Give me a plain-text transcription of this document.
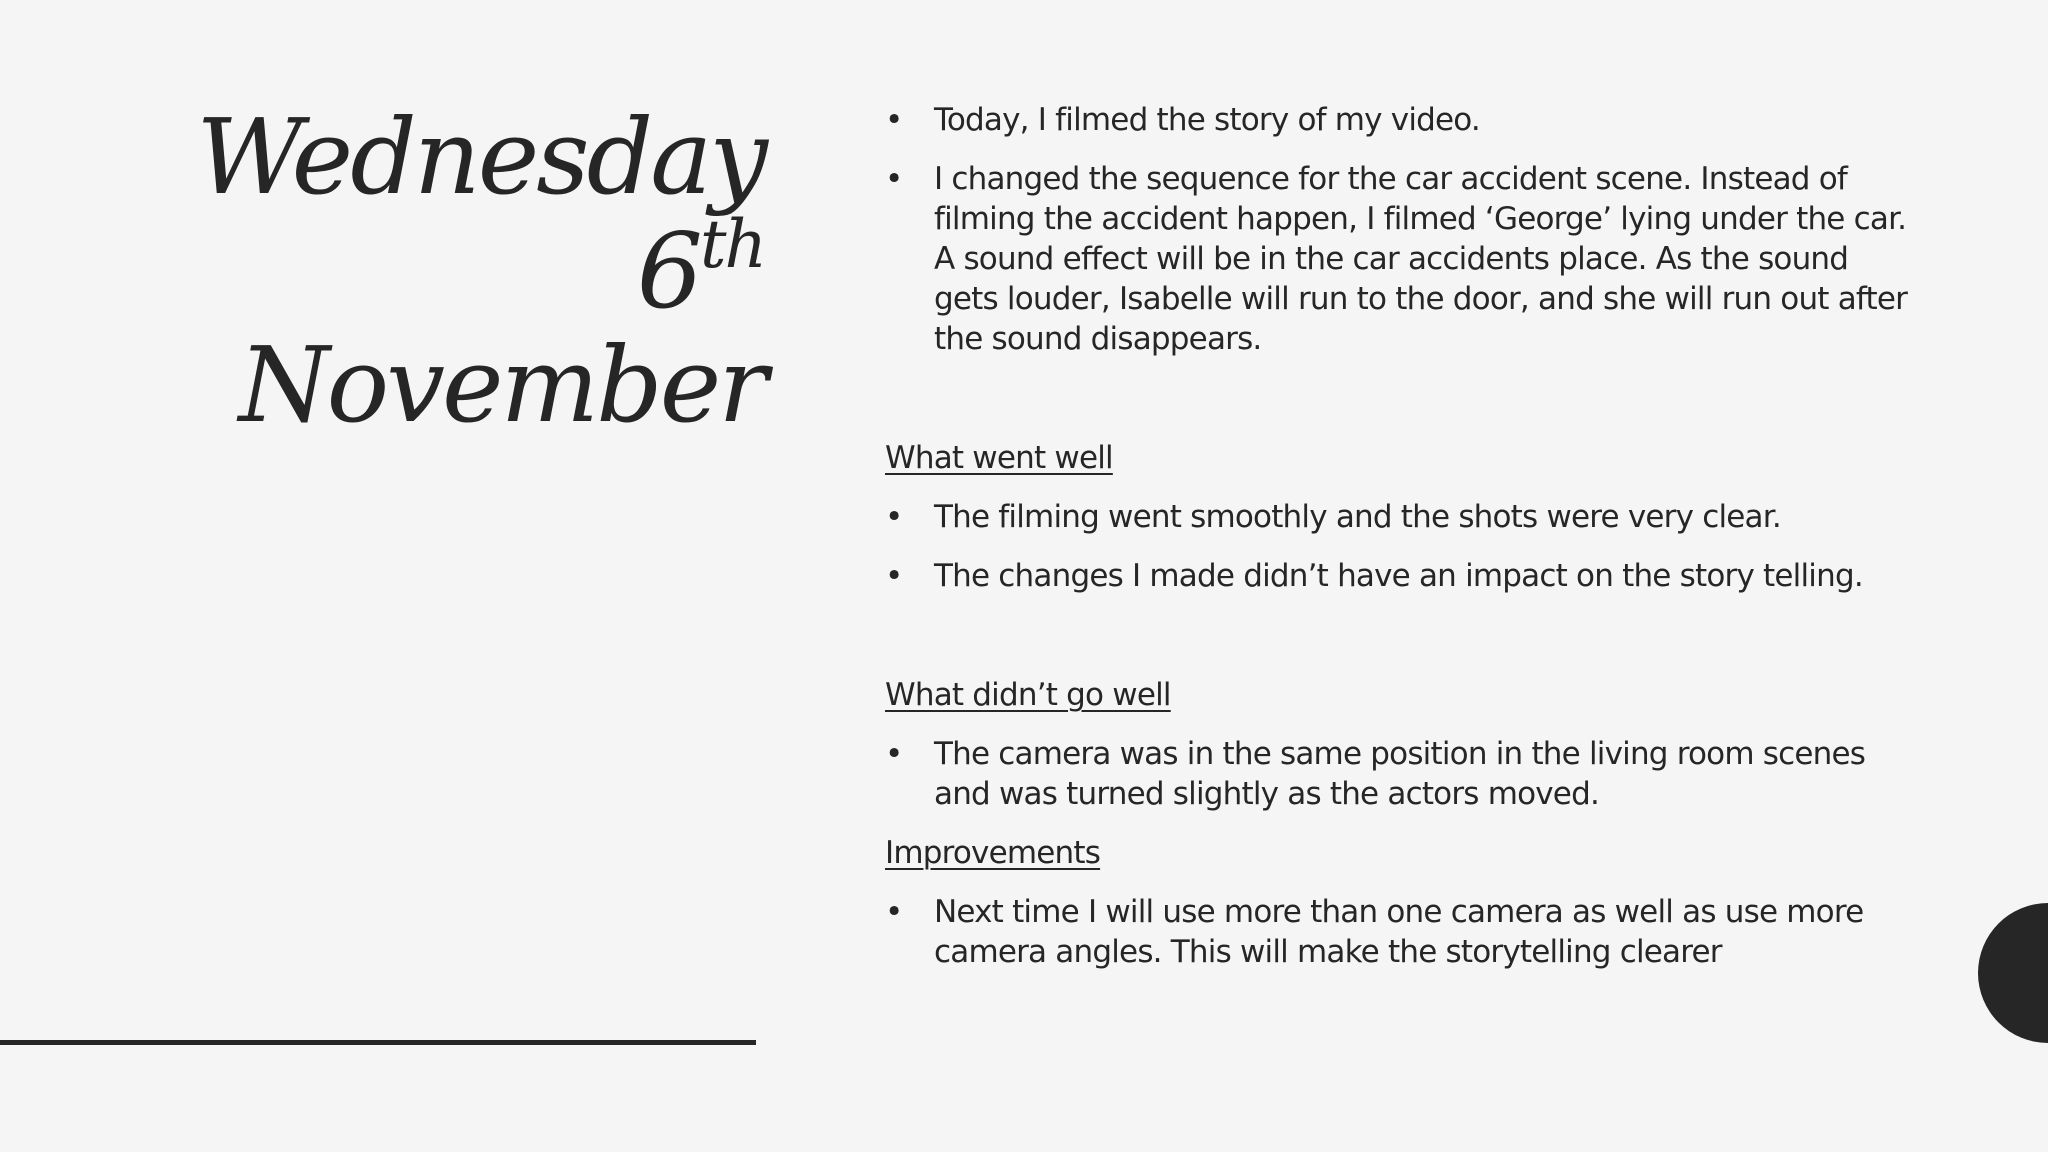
Wednesday
6th
November

• Today, I filmed the story of my video.

• I changed the sequence for the car accident scene. Instead of filming the accident happen, I filmed ‘George’ lying under the car. A sound effect will be in the car accidents place. As the sound gets louder, Isabelle will run to the door, and she will run out after the sound disappears.

What went well

• The filming went smoothly and the shots were very clear.

• The changes I made didn’t have an impact on the story telling.

What didn’t go well

• The camera was in the same position in the living room scenes and was turned slightly as the actors moved.

Improvements

• Next time I will use more than one camera as well as use more camera angles. This will make the storytelling clearer
